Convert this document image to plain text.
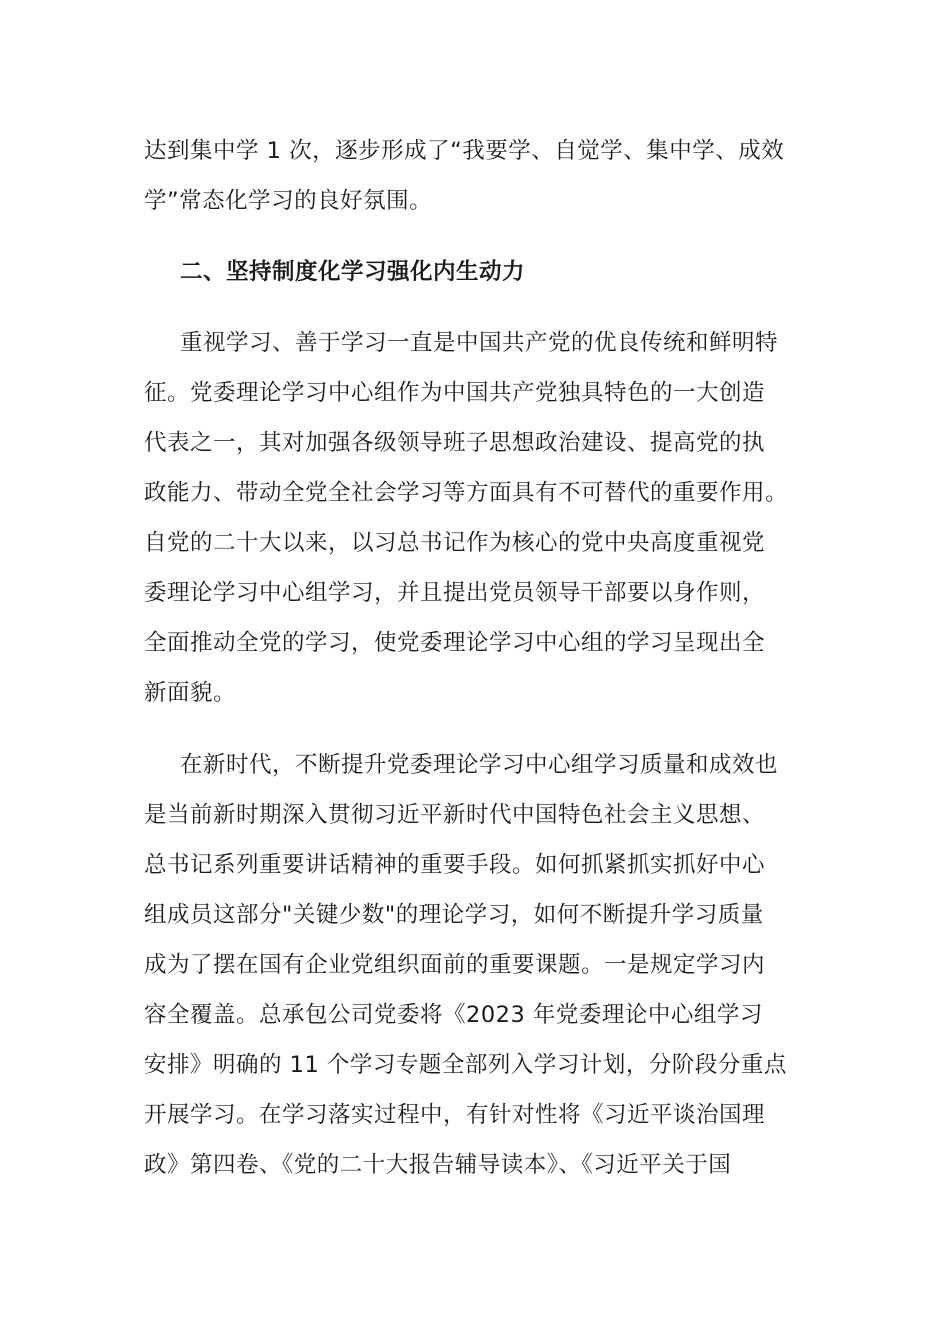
达到集中学 1 次，逐步形成了“我要学、自觉学、集中学、成效
学”常态化学习的良好氛围。
二、坚持制度化学习强化内生动力
重视学习、善于学习一直是中国共产党的优良传统和鲜明特
征。党委理论学习中心组作为中国共产党独具特色的一大创造
代表之一，其对加强各级领导班子思想政治建设、提高党的执
政能力、带动全党全社会学习等方面具有不可替代的重要作用。
自党的二十大以来，以习总书记作为核心的党中央高度重视党
委理论学习中心组学习，并且提出党员领导干部要以身作则，
全面推动全党的学习，使党委理论学习中心组的学习呈现出全
新面貌。
在新时代，不断提升党委理论学习中心组学习质量和成效也
是当前新时期深入贯彻习近平新时代中国特色社会主义思想、
总书记系列重要讲话精神的重要手段。如何抓紧抓实抓好中心
组成员这部分"关键少数"的理论学习，如何不断提升学习质量
成为了摆在国有企业党组织面前的重要课题。一是规定学习内
容全覆盖。总承包公司党委将《2023 年党委理论中心组学习
安排》明确的 11 个学习专题全部列入学习计划，分阶段分重点
开展学习。在学习落实过程中，有针对性将《习近平谈治国理
政》第四卷、《党的二十大报告辅导读本》、《习近平关于国
